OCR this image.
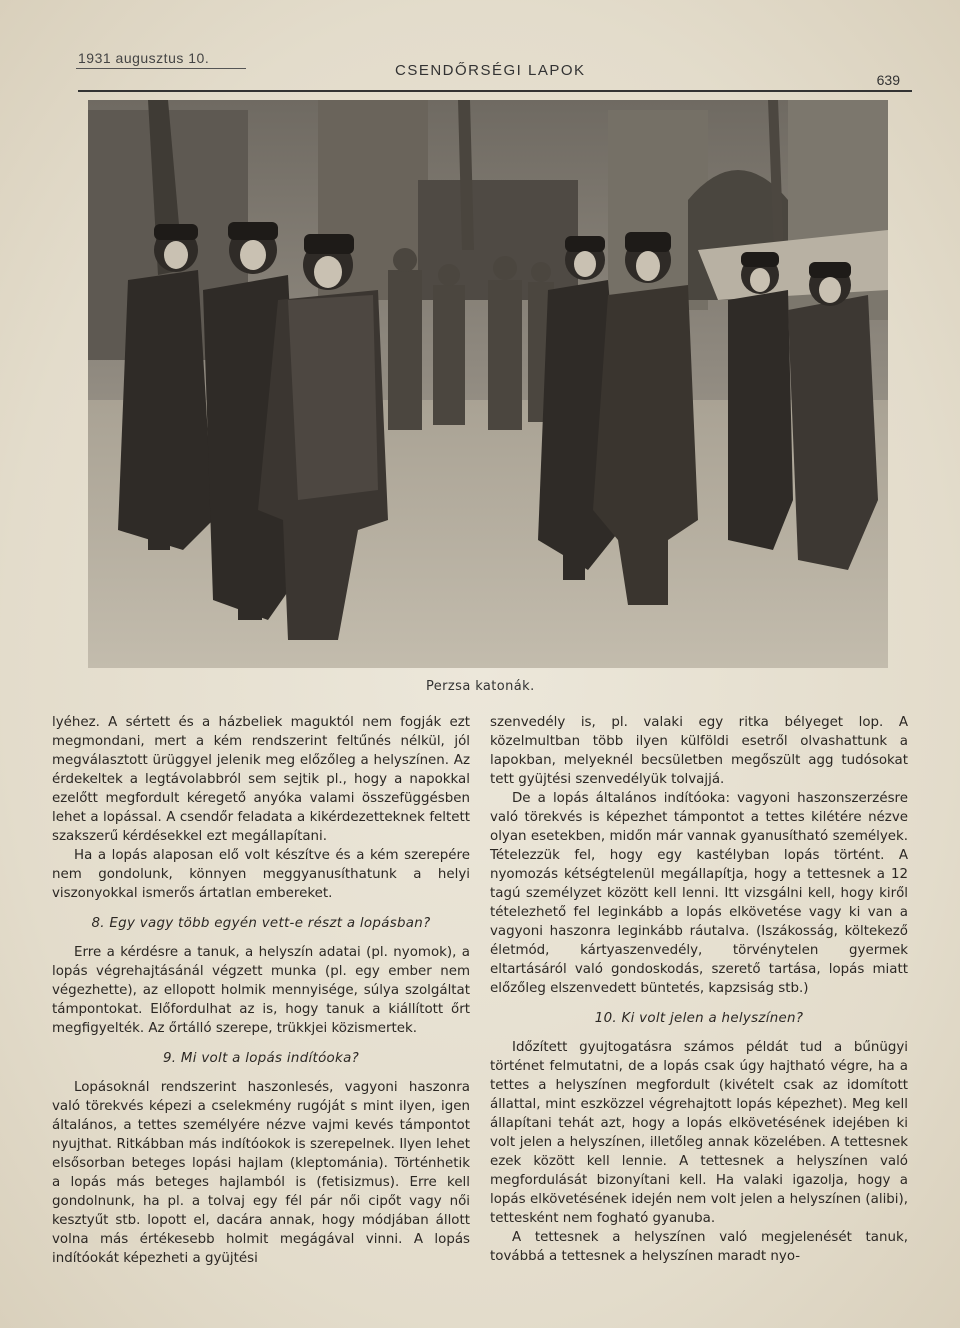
1931 augusztus 10.
CSENDŐRSÉGI LAPOK
639
Perzsa katonák.

lyéhez. A sértett és a házbeliek maguktól nem fogják ezt megmondani, mert a kém rendszerint feltűnés nélkül, jól megválasztott ürüggyel jelenik meg előzőleg a helyszínen. Az érdekeltek a legtávolabbról sem sejtik pl., hogy a napokkal ezelőtt megfordult kéregető anyóka valami összefüggésben lehet a lopással. A csendőr feladata a kikérdezetteknek feltett szakszerű kérdésekkel ezt megállapítani.

Ha a lopás alaposan elő volt készítve és a kém szerepére nem gondolunk, könnyen meggyanusíthatunk a helyi viszonyokkal ismerős ártatlan embereket.

8. Egy vagy több egyén vett-e részt a lopásban?

Erre a kérdésre a tanuk, a helyszín adatai (pl. nyomok), a lopás végrehajtásánál végzett munka (pl. egy ember nem végezhette), az ellopott holmik mennyisége, súlya szolgáltat támpontokat. Előfordulhat az is, hogy tanuk a kiállított őrt megfigyelték. Az őrtálló szerepe, trükkjei közismertek.

9. Mi volt a lopás indítóoka?

Lopásoknál rendszerint haszonlesés, vagyoni haszonra való törekvés képezi a cselekmény rugóját s mint ilyen, igen általános, a tettes személyére nézve vajmi kevés támpontot nyujthat. Ritkábban más indítóokok is szerepelnek. Ilyen lehet elsősorban beteges lopási hajlam (kleptománia). Történhetik a lopás más beteges hajlamból is (fetisizmus). Erre kell gondolnunk, ha pl. a tolvaj egy fél pár női cipőt vagy női kesztyűt stb. lopott el, dacára annak, hogy módjában állott volna más értékesebb holmit megágával vinni. A lopás indítóokát képezheti a gyüjtési

szenvedély is, pl. valaki egy ritka bélyeget lop. A közelmultban több ilyen külföldi esetről olvashattunk a lapokban, melyeknél becsületben megőszült agg tudósokat tett gyüjtési szenvedélyük tolvajjá.

De a lopás általános indítóoka: vagyoni haszonszerzésre való törekvés is képezhet támpontot a tettes kilétére nézve olyan esetekben, midőn már vannak gyanusítható személyek. Tételezzük fel, hogy egy kastélyban lopás történt. A nyomozás kétségtelenül megállapítja, hogy a tettesnek a 12 tagú személyzet között kell lenni. Itt vizsgálni kell, hogy kiről tételezhető fel leginkább a lopás elkövetése vagy ki van a vagyoni haszonra leginkább ráutalva. (Iszákosság, költekező életmód, kártyaszenvedély, törvénytelen gyermek eltartásáról való gondoskodás, szerető tartása, lopás miatt előzőleg elszenvedett büntetés, kapzsiság stb.)

10. Ki volt jelen a helyszínen?

Időzített gyujtogatásra számos példát tud a bűnügyi történet felmutatni, de a lopás csak úgy hajtható végre, ha a tettes a helyszínen megfordult (kivételt csak az idomított állattal, mint eszközzel végrehajtott lopás képezhet). Meg kell állapítani tehát azt, hogy a lopás elkövetésének idejében ki volt jelen a helyszínen, illetőleg annak közelében. A tettesnek ezek között kell lennie. A tettesnek a helyszínen való megfordulását bizonyítani kell. Ha valaki igazolja, hogy a lopás elkövetésének idején nem volt jelen a helyszínen (alibi), tettesként nem fogható gyanuba.

A tettesnek a helyszínen való megjelenését tanuk, továbbá a tettesnek a helyszínen maradt nyo-
